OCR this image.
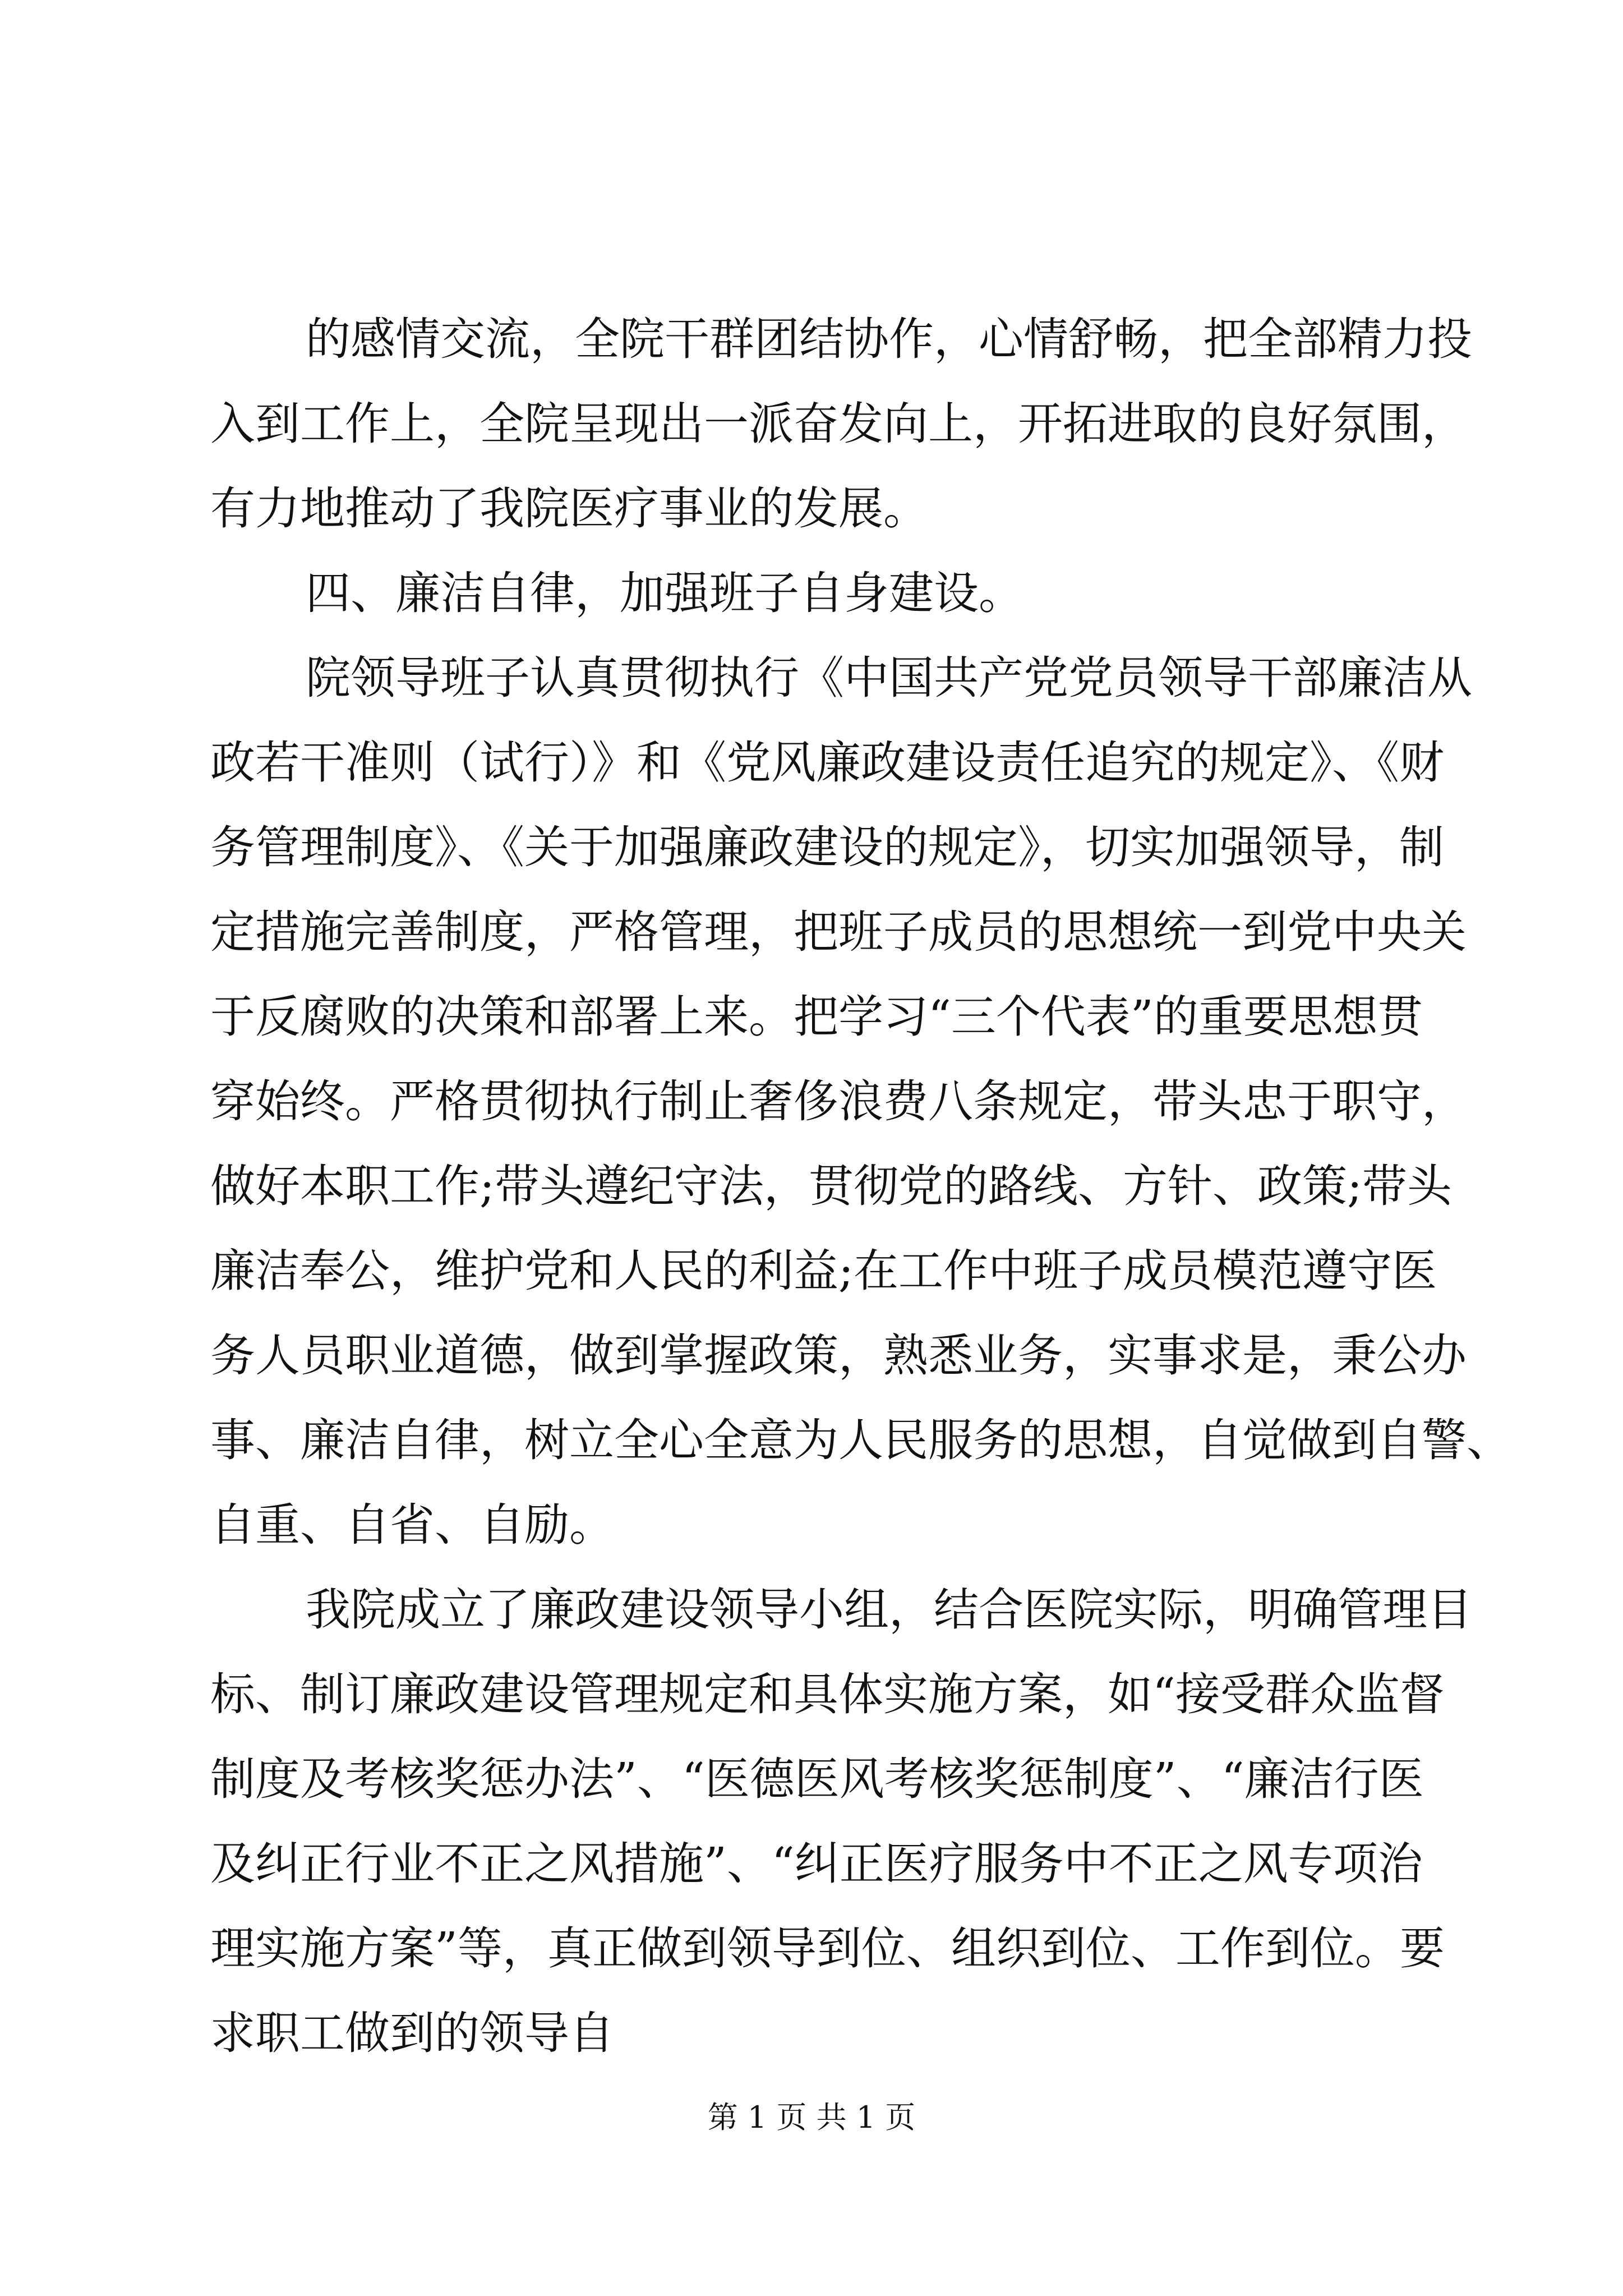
的感情交流，全院干群团结协作，心情舒畅，把全部精力投
入到工作上，全院呈现出一派奋发向上，开拓进取的良好氛围，
有力地推动了我院医疗事业的发展。
四、廉洁自律，加强班子自身建设。
院领导班子认真贯彻执行《中国共产党党员领导干部廉洁从
政若干准则（试行）》和《党风廉政建设责任追究的规定》、《财
务管理制度》、《关于加强廉政建设的规定》，切实加强领导，制
定措施完善制度，严格管理，把班子成员的思想统一到党中央关
于反腐败的决策和部署上来。把学习“三个代表”的重要思想贯
穿始终。严格贯彻执行制止奢侈浪费八条规定，带头忠于职守，
做好本职工作;带头遵纪守法，贯彻党的路线、方针、政策;带头
廉洁奉公，维护党和人民的利益;在工作中班子成员模范遵守医
务人员职业道德，做到掌握政策，熟悉业务，实事求是，秉公办
事、廉洁自律，树立全心全意为人民服务的思想，自觉做到自警、
自重、自省、自励。
我院成立了廉政建设领导小组，结合医院实际，明确管理目
标、制订廉政建设管理规定和具体实施方案，如“接受群众监督
制度及考核奖惩办法”、“医德医风考核奖惩制度”、“廉洁行医
及纠正行业不正之风措施”、“纠正医疗服务中不正之风专项治
理实施方案”等，真正做到领导到位、组织到位、工作到位。要
求职工做到的领导自
第 1 页 共 1 页
